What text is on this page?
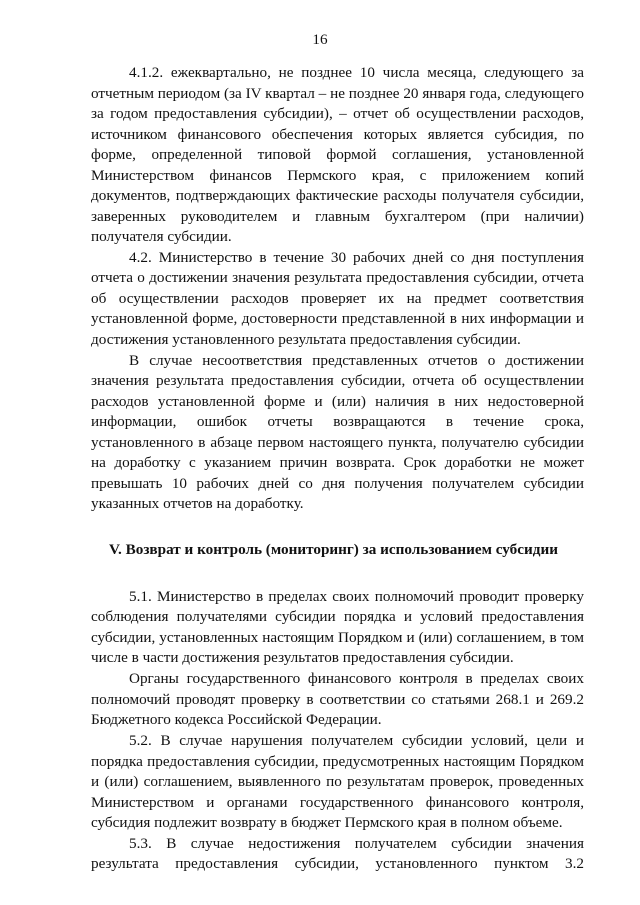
16

4.1.2. ежеквартально, не позднее 10 числа месяца, следующего за отчетным периодом (за IV квартал – не позднее 20 января года, следующего за годом предоставления субсидии), – отчет об осуществлении расходов, источником финансового обеспечения которых является субсидия, по форме, определенной типовой формой соглашения, установленной Министерством финансов Пермского края, с приложением копий документов, подтверждающих фактические расходы получателя субсидии, заверенных руководителем и главным бухгалтером (при наличии) получателя субсидии.

4.2. Министерство в течение 30 рабочих дней со дня поступления отчета о достижении значения результата предоставления субсидии, отчета об осуществлении расходов проверяет их на предмет соответствия установленной форме, достоверности представленной в них информации и достижения установленного результата предоставления субсидии.

В случае несоответствия представленных отчетов о достижении значения результата предоставления субсидии, отчета об осуществлении расходов установленной форме и (или) наличия в них недостоверной информации, ошибок отчеты возвращаются в течение срока, установленного в абзаце первом настоящего пункта, получателю субсидии на доработку с указанием причин возврата. Срок доработки не может превышать 10 рабочих дней со дня получения получателем субсидии указанных отчетов на доработку.

V. Возврат и контроль (мониторинг) за использованием субсидии

5.1. Министерство в пределах своих полномочий проводит проверку соблюдения получателями субсидии порядка и условий предоставления субсидии, установленных настоящим Порядком и (или) соглашением, в том числе в части достижения результатов предоставления субсидии.

Органы государственного финансового контроля в пределах своих полномочий проводят проверку в соответствии со статьями 268.1 и 269.2 Бюджетного кодекса Российской Федерации.

5.2. В случае нарушения получателем субсидии условий, цели и порядка предоставления субсидии, предусмотренных настоящим Порядком и (или) соглашением, выявленного по результатам проверок, проведенных Министерством и органами государственного финансового контроля, субсидия подлежит возврату в бюджет Пермского края в полном объеме.

5.3. В случае недостижения получателем субсидии значения результата предоставления субсидии, установленного пунктом 3.2
